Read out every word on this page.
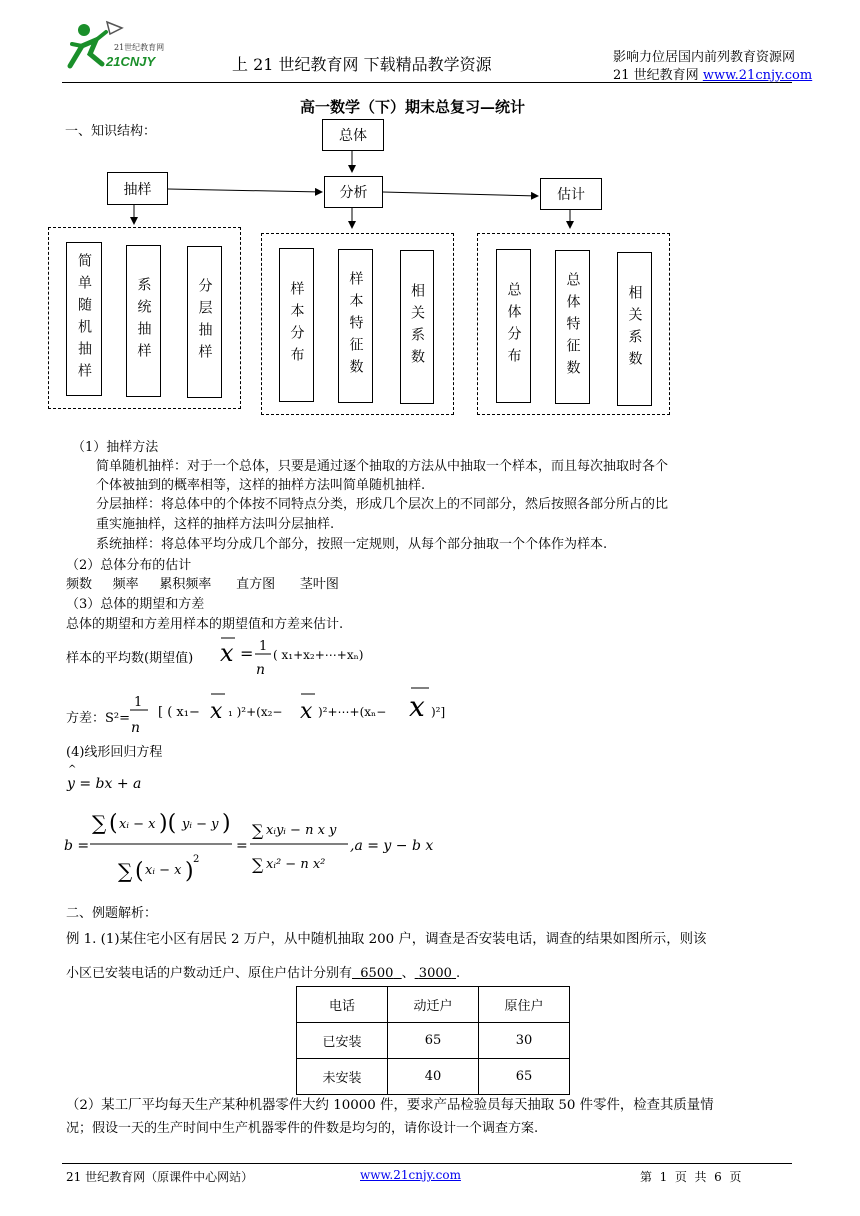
21世纪教育网
21CNJY	上 21 世纪教育网 下载精品教学资源	影响力位居国内前列教育资源网
21 世纪教育网 www.21cnjy.com
高一数学（下）期末总复习—统计
一、知识结构：	总体
抽样	分析	估计
简单随机抽样	系统抽样	分层抽样	样本分布	样本特征数	相关系数	总体分布	总体特征数	相关系数
（1）抽样方法
简单随机抽样：对于一个总体，只要是通过逐个抽取的方法从中抽取一个样本，而且每次抽取时各个
个体被抽到的概率相等，这样的抽样方法叫简单随机抽样.
分层抽样：将总体中的个体按不同特点分类，形成几个层次上的不同部分，然后按照各部分所占的比
重实施抽样，这样的抽样方法叫分层抽样.
系统抽样：将总体平均分成几个部分，按照一定规则，从每个部分抽取一个个体作为样本.
（2）总体分布的估计
频数     频率     累积频率      直方图      茎叶图
（3）总体的期望和方差
总体的期望和方差用样本的期望值和方差来估计.
样本的平均数(期望值) x = 1
n
( x₁+x₂+⋯+xₙ)
方差：S²=
1
n
[ ( x₁− x ₁ )²+(x₂− x )²+⋯+(xₙ− x )²]
(4)线形回归方程
^
y = bx + a
b =
∑ ( xᵢ − x )( yᵢ − y )
∑ ( xᵢ − x ) 2
=
∑ xᵢyᵢ − n x y
∑ xᵢ² − n x²
,a = y − b x
二、例题解析：
例 1. (1)某住宅小区有居民 2 万户，从中随机抽取 200 户，调查是否安装电话，调查的结果如图所示，则该
小区已安装电话的户数动迁户、原住户估计分别有 6500 、 3000 .
电话	动迁户	原住户
已安装	65	30
未安装	40	65
（2）某工厂平均每天生产某种机器零件大约 10000 件，要求产品检验员每天抽取 50 件零件，检查其质量情
况；假设一天的生产时间中生产机器零件的件数是均匀的，请你设计一个调查方案.
21 世纪教育网（原课件中心网站）	www.21cnjy.com	第  1  页  共  6  页
